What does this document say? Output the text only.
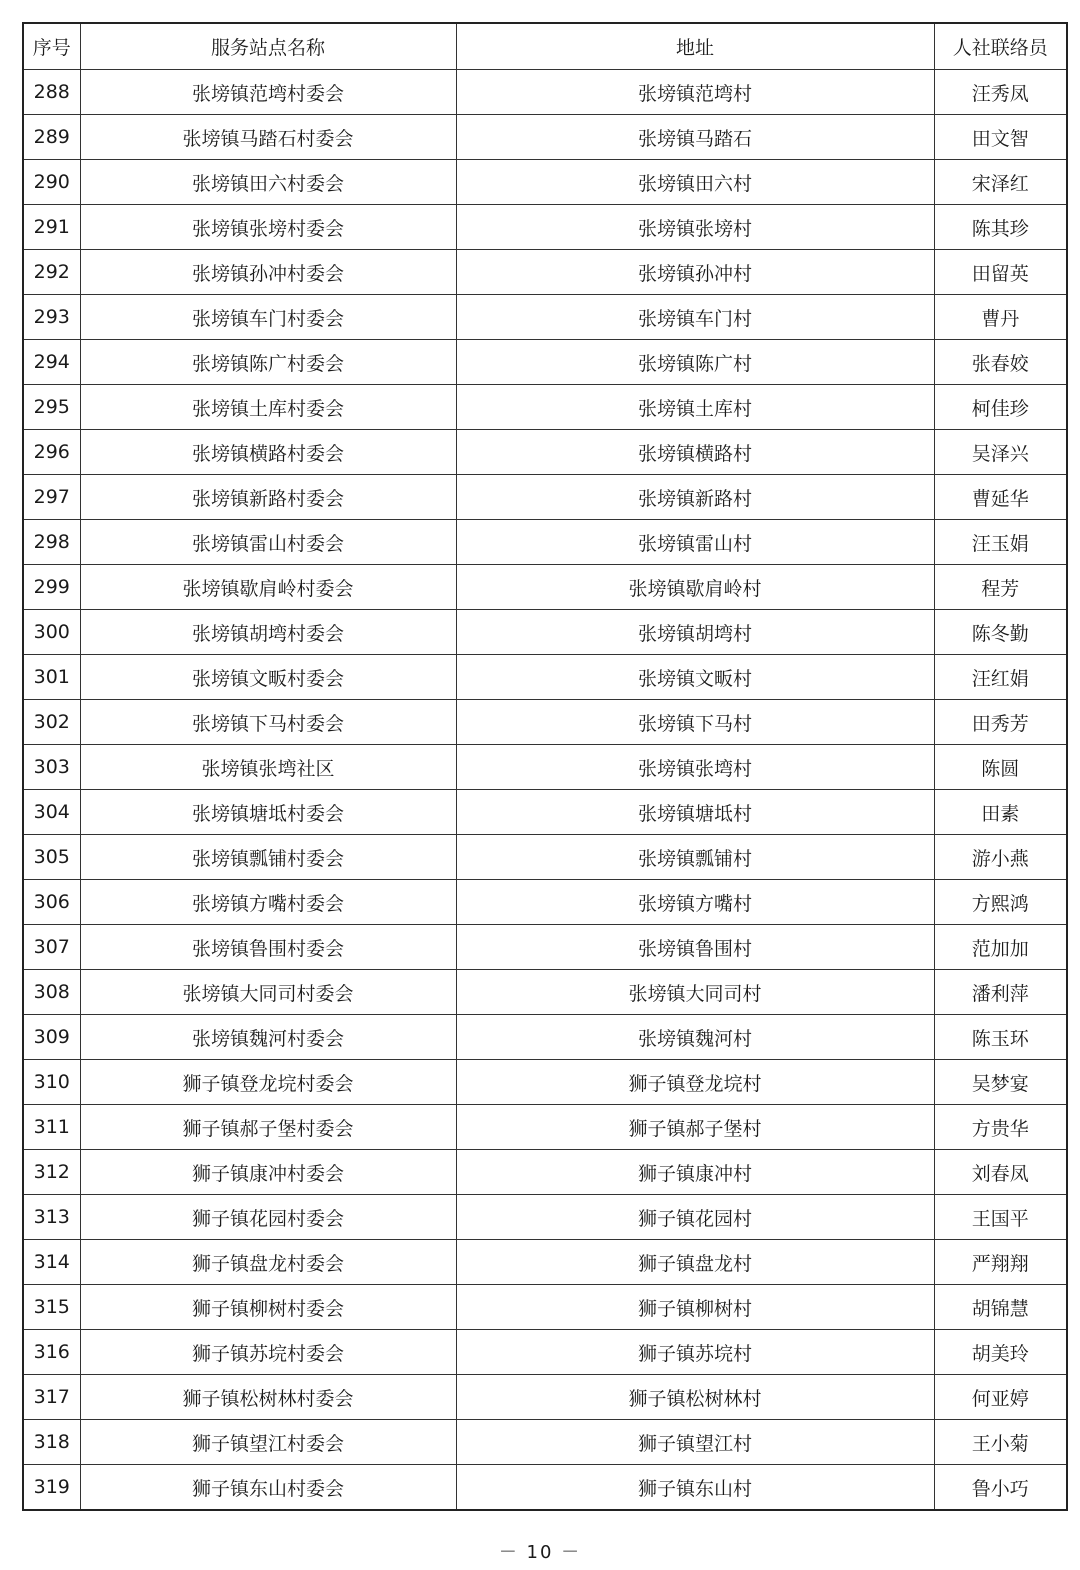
序号	服务站点名称	地址	人社联络员
288	张塝镇范塆村委会	张塝镇范塆村	汪秀凤
289	张塝镇马踏石村委会	张塝镇马踏石	田文智
290	张塝镇田六村委会	张塝镇田六村	宋泽红
291	张塝镇张塝村委会	张塝镇张塝村	陈其珍
292	张塝镇孙冲村委会	张塝镇孙冲村	田留英
293	张塝镇车门村委会	张塝镇车门村	曹丹
294	张塝镇陈广村委会	张塝镇陈广村	张春姣
295	张塝镇土库村委会	张塝镇土库村	柯佳珍
296	张塝镇横路村委会	张塝镇横路村	吴泽兴
297	张塝镇新路村委会	张塝镇新路村	曹延华
298	张塝镇雷山村委会	张塝镇雷山村	汪玉娟
299	张塝镇歇肩岭村委会	张塝镇歇肩岭村	程芳
300	张塝镇胡塆村委会	张塝镇胡塆村	陈冬勤
301	张塝镇文畈村委会	张塝镇文畈村	汪红娟
302	张塝镇下马村委会	张塝镇下马村	田秀芳
303	张塝镇张塆社区	张塝镇张塆村	陈圆
304	张塝镇塘坻村委会	张塝镇塘坻村	田素
305	张塝镇瓢铺村委会	张塝镇瓢铺村	游小燕
306	张塝镇方嘴村委会	张塝镇方嘴村	方熙鸿
307	张塝镇鲁围村委会	张塝镇鲁围村	范加加
308	张塝镇大同司村委会	张塝镇大同司村	潘利萍
309	张塝镇魏河村委会	张塝镇魏河村	陈玉环
310	狮子镇登龙垸村委会	狮子镇登龙垸村	吴梦宴
311	狮子镇郝子堡村委会	狮子镇郝子堡村	方贵华
312	狮子镇康冲村委会	狮子镇康冲村	刘春凤
313	狮子镇花园村委会	狮子镇花园村	王国平
314	狮子镇盘龙村委会	狮子镇盘龙村	严翔翔
315	狮子镇柳树村委会	狮子镇柳树村	胡锦慧
316	狮子镇苏垸村委会	狮子镇苏垸村	胡美玲
317	狮子镇松树林村委会	狮子镇松树林村	何亚婷
318	狮子镇望江村委会	狮子镇望江村	王小菊
319	狮子镇东山村委会	狮子镇东山村	鲁小巧
－ 10 －
